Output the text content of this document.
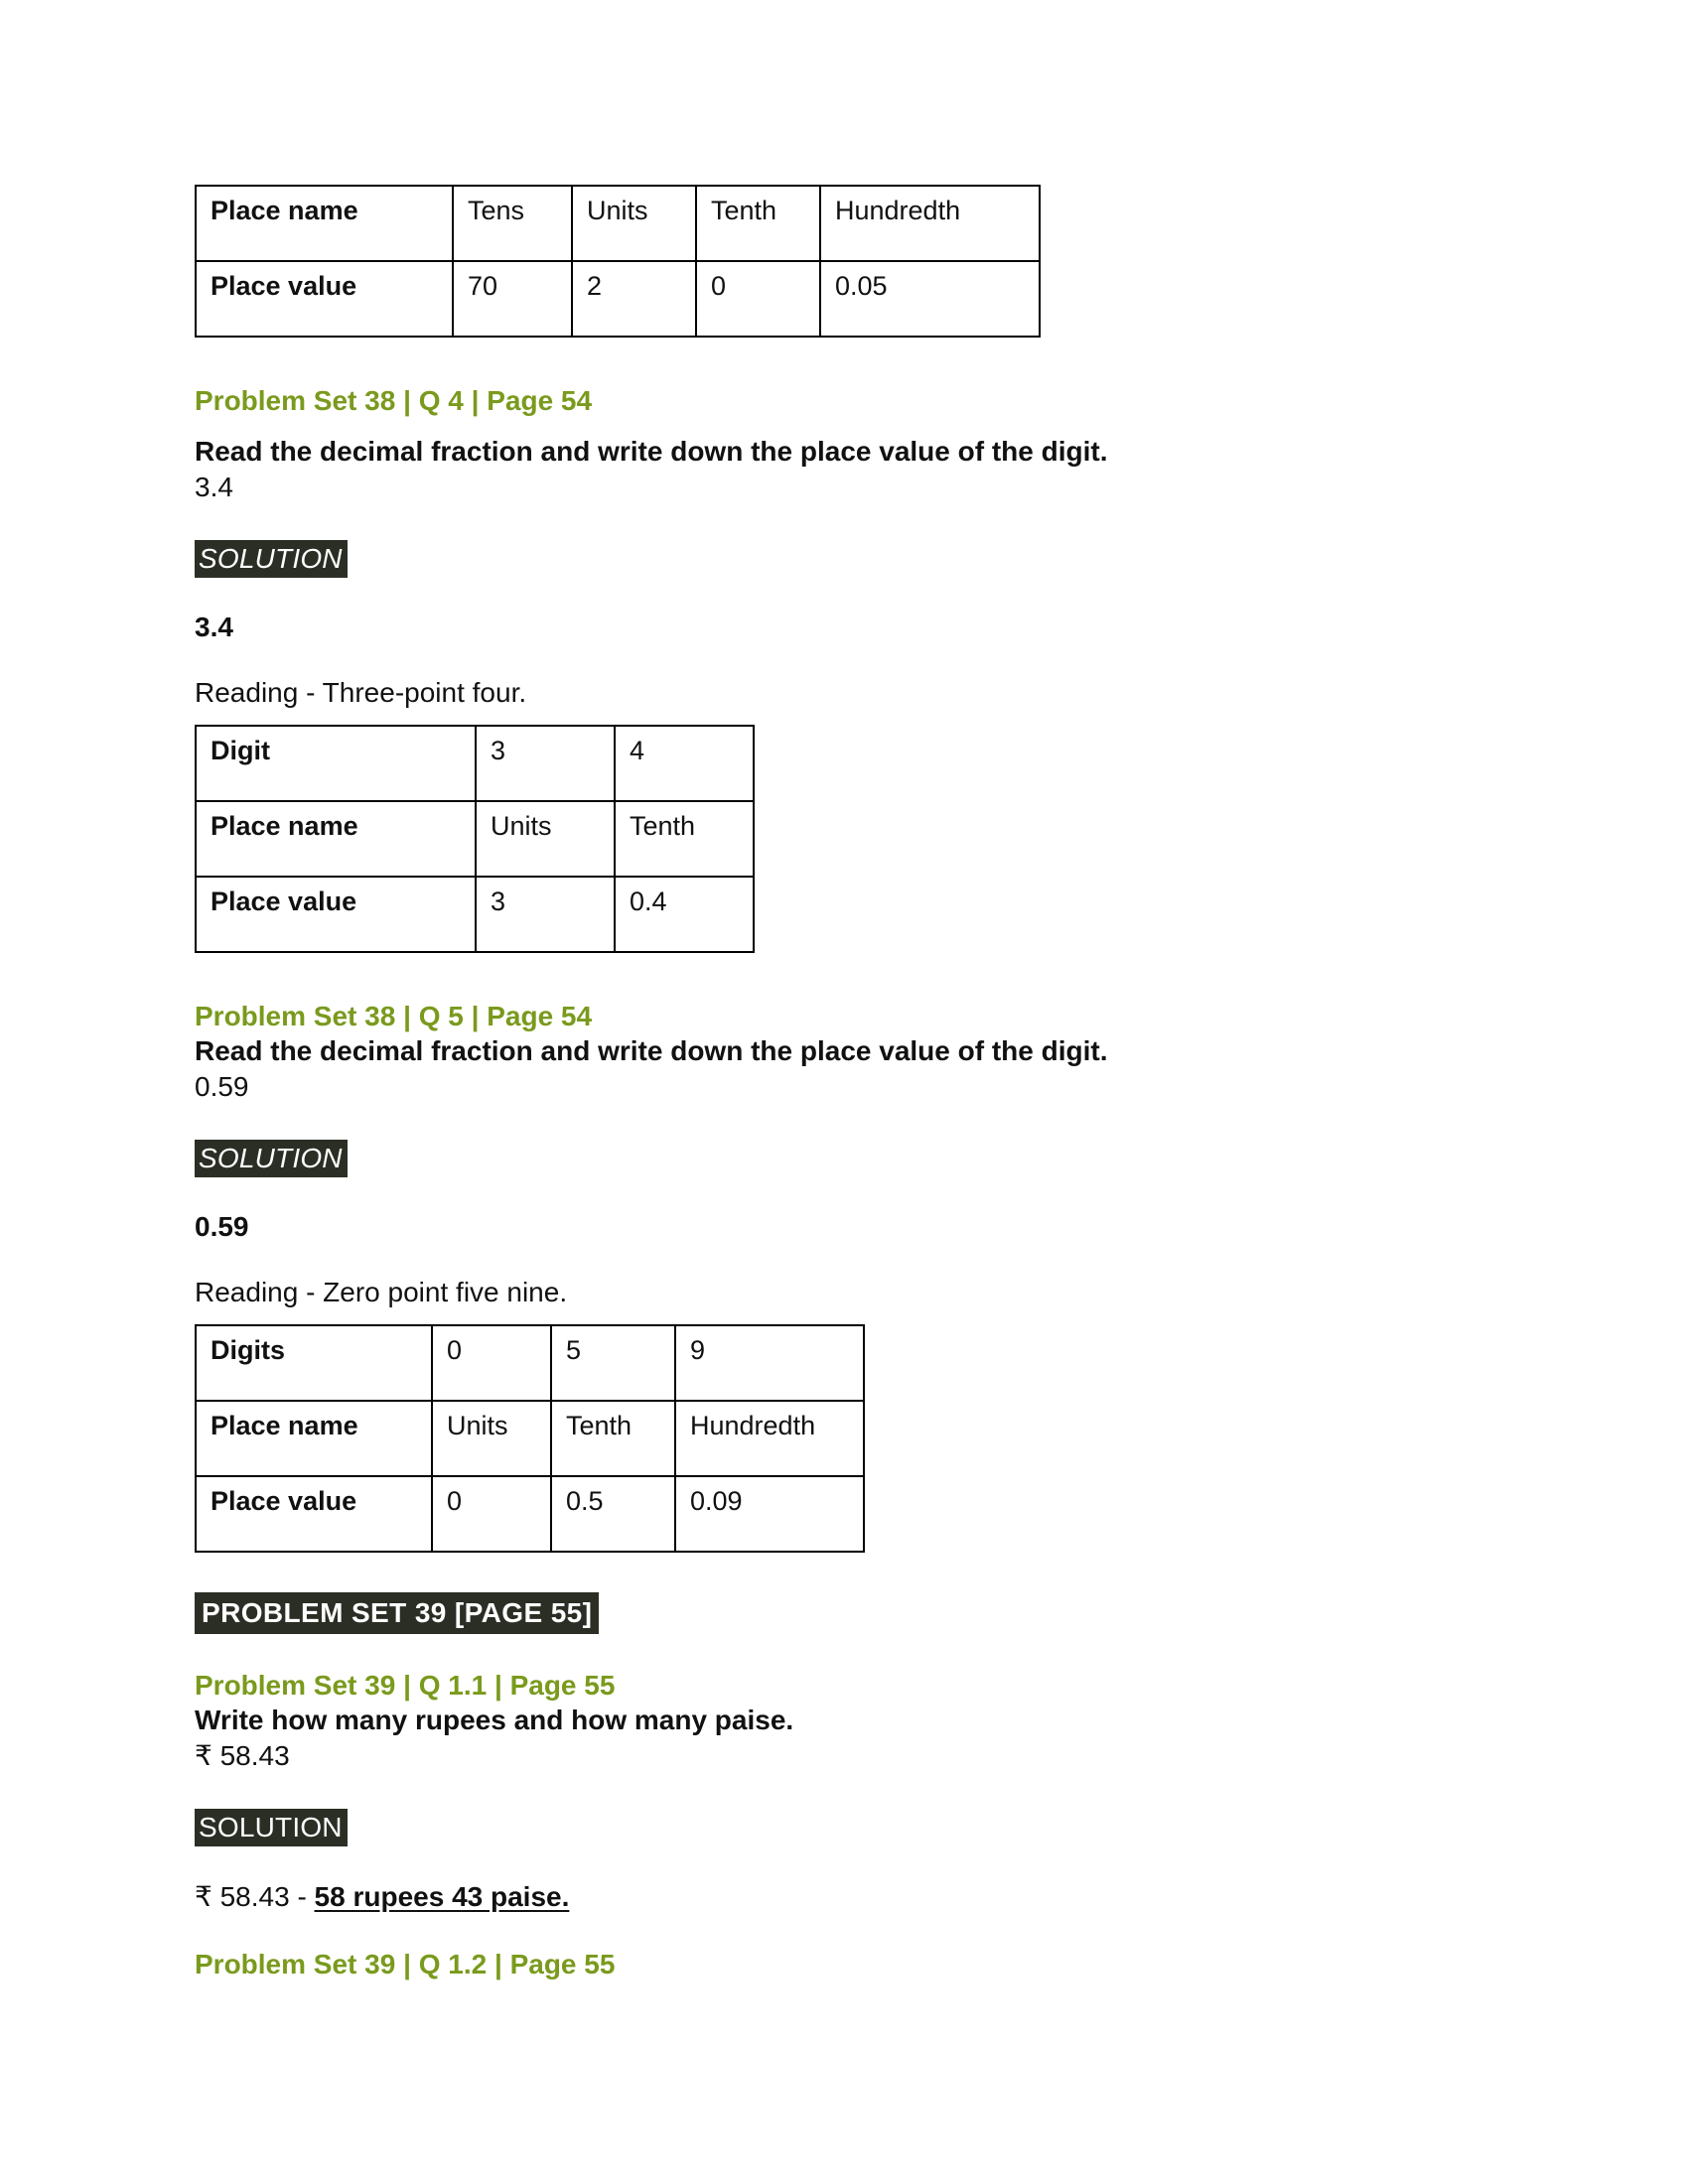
Place name	Tens	Units	Tenth	Hundredth
Place value	70	2	0	0.05

Problem Set 38 | Q 4 | Page 54

Read the decimal fraction and write down the place value of the digit.

3.4

SOLUTION

3.4

Reading - Three-point four.

Digit	3	4
Place name	Units	Tenth
Place value	3	0.4

Problem Set 38 | Q 5 | Page 54

Read the decimal fraction and write down the place value of the digit.

0.59

SOLUTION

0.59

Reading - Zero point five nine.

Digits	0	5	9
Place name	Units	Tenth	Hundredth
Place value	0	0.5	0.09
PROBLEM SET 39 [PAGE 55]

Problem Set 39 | Q 1.1 | Page 55

Write how many rupees and how many paise.

₹ 58.43

SOLUTION

₹ 58.43 - 58 rupees 43 paise.

Problem Set 39 | Q 1.2 | Page 55
